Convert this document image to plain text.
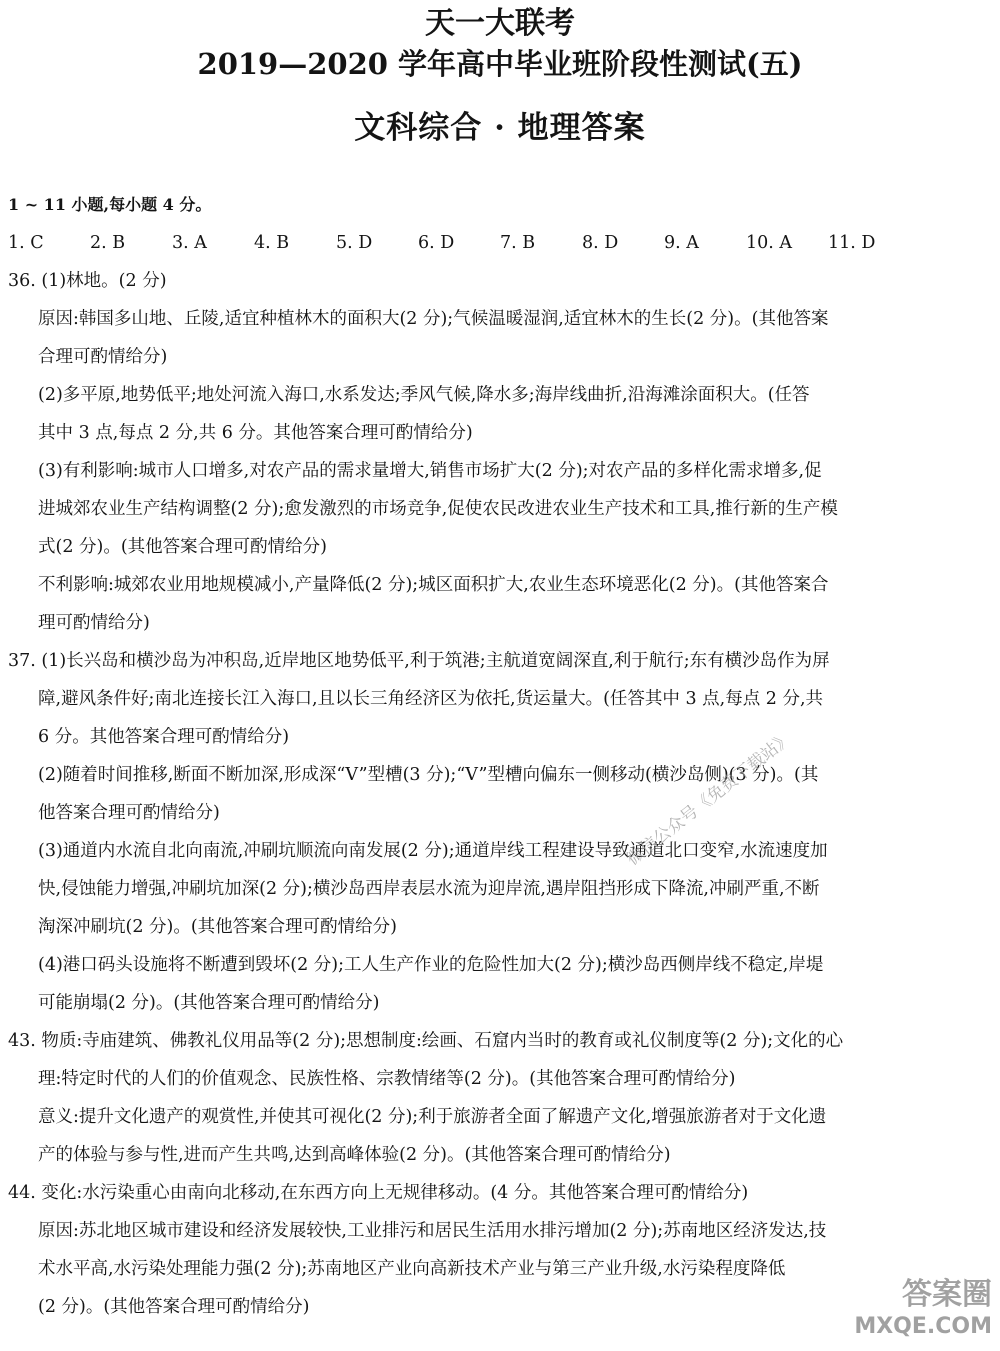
天一大联考
2019—2020 学年高中毕业班阶段性测试(五)
文科综合 · 地理答案
1 ~ 11 小题,每小题 4 分。
1. C	2. B	3. A	4. B	5. D	6. D	7. B	8. D	9. A	10. A	11. D
36. (1)林地。(2 分)
原因:韩国多山地、丘陵,适宜种植林木的面积大(2 分);气候温暖湿润,适宜林木的生长(2 分)。(其他答案
合理可酌情给分)
(2)多平原,地势低平;地处河流入海口,水系发达;季风气候,降水多;海岸线曲折,沿海滩涂面积大。(任答
其中 3 点,每点 2 分,共 6 分。其他答案合理可酌情给分)
(3)有利影响:城市人口增多,对农产品的需求量增大,销售市场扩大(2 分);对农产品的多样化需求增多,促
进城郊农业生产结构调整(2 分);愈发激烈的市场竞争,促使农民改进农业生产技术和工具,推行新的生产模
式(2 分)。(其他答案合理可酌情给分)
不利影响:城郊农业用地规模减小,产量降低(2 分);城区面积扩大,农业生态环境恶化(2 分)。(其他答案合
理可酌情给分)
37. (1)长兴岛和横沙岛为冲积岛,近岸地区地势低平,利于筑港;主航道宽阔深直,利于航行;东有横沙岛作为屏
障,避风条件好;南北连接长江入海口,且以长三角经济区为依托,货运量大。(任答其中 3 点,每点 2 分,共
6 分。其他答案合理可酌情给分)
(2)随着时间推移,断面不断加深,形成深“V”型槽(3 分);“V”型槽向偏东一侧移动(横沙岛侧)(3 分)。(其
他答案合理可酌情给分)
(3)通道内水流自北向南流,冲刷坑顺流向南发展(2 分);通道岸线工程建设导致通道北口变窄,水流速度加
快,侵蚀能力增强,冲刷坑加深(2 分);横沙岛西岸表层水流为迎岸流,遇岸阻挡形成下降流,冲刷严重,不断
淘深冲刷坑(2 分)。(其他答案合理可酌情给分)
(4)港口码头设施将不断遭到毁坏(2 分);工人生产作业的危险性加大(2 分);横沙岛西侧岸线不稳定,岸堤
可能崩塌(2 分)。(其他答案合理可酌情给分)
43. 物质:寺庙建筑、佛教礼仪用品等(2 分);思想制度:绘画、石窟内当时的教育或礼仪制度等(2 分);文化的心
理:特定时代的人们的价值观念、民族性格、宗教情绪等(2 分)。(其他答案合理可酌情给分)
意义:提升文化遗产的观赏性,并使其可视化(2 分);利于旅游者全面了解遗产文化,增强旅游者对于文化遗
产的体验与参与性,进而产生共鸣,达到高峰体验(2 分)。(其他答案合理可酌情给分)
44. 变化:水污染重心由南向北移动,在东西方向上无规律移动。(4 分。其他答案合理可酌情给分)
原因:苏北地区城市建设和经济发展较快,工业排污和居民生活用水排污增加(2 分);苏南地区经济发达,技
术水平高,水污染处理能力强(2 分);苏南地区产业向高新技术产业与第三产业升级,水污染程度降低
(2 分)。(其他答案合理可酌情给分)
微信公众号《免费下载站》
答案圈
MXQE.COM
